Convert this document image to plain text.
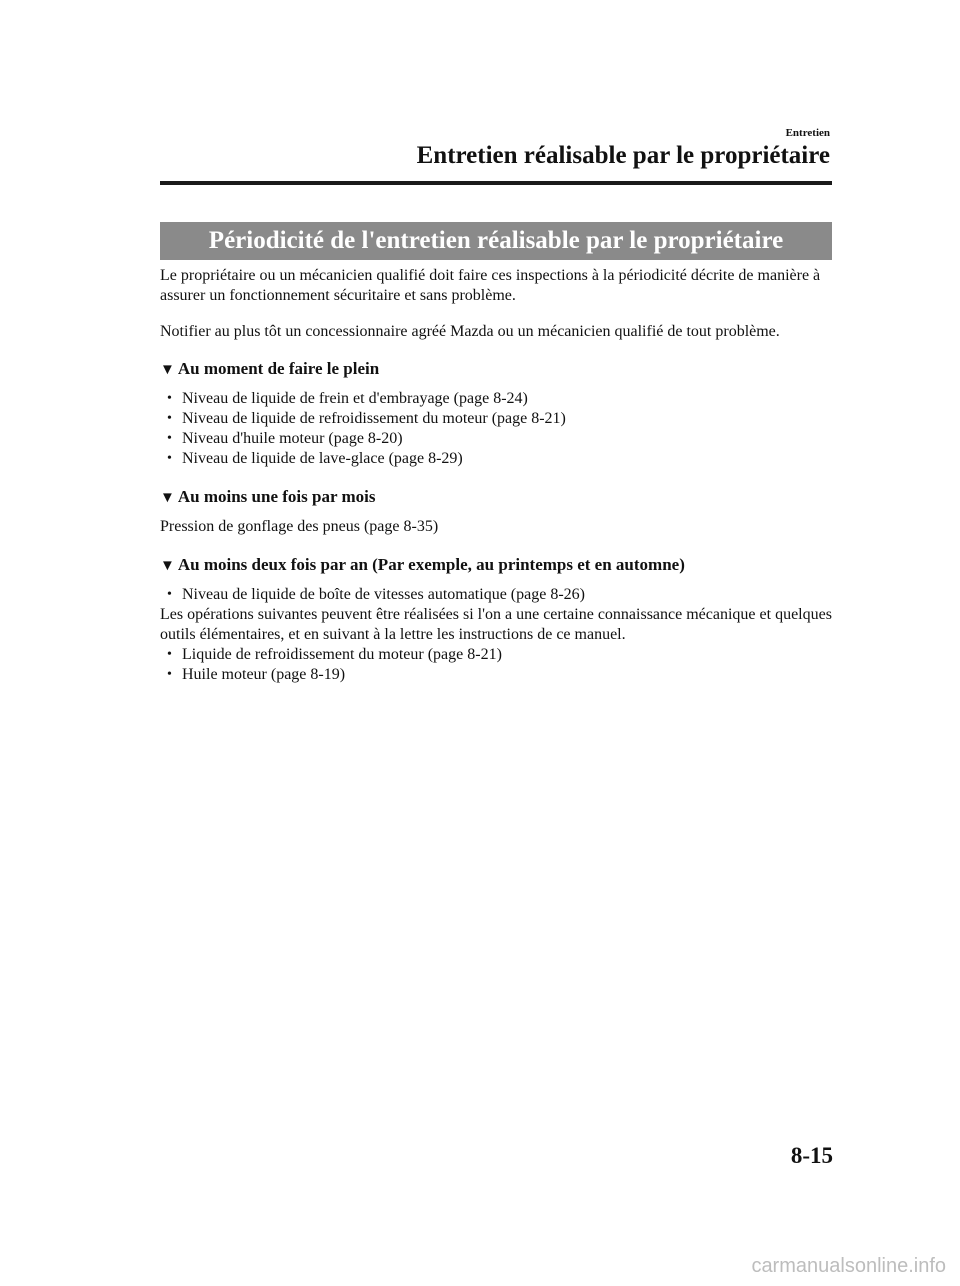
Entretien
Entretien réalisable par le propriétaire
Périodicité de l'entretien réalisable par le propriétaire

Le propriétaire ou un mécanicien qualifié doit faire ces inspections à la périodicité décrite de manière à assurer un fonctionnement sécuritaire et sans problème.

Notifier au plus tôt un concessionnaire agréé Mazda ou un mécanicien qualifié de tout problème.

▼ Au moment de faire le plein
• Niveau de liquide de frein et d'embrayage (page 8-24)
• Niveau de liquide de refroidissement du moteur (page 8-21)
• Niveau d'huile moteur (page 8-20)
• Niveau de liquide de lave-glace (page 8-29)
▼ Au moins une fois par mois

Pression de gonflage des pneus (page 8-35)

▼ Au moins deux fois par an (Par exemple, au printemps et en automne)
• Niveau de liquide de boîte de vitesses automatique (page 8-26)

Les opérations suivantes peuvent être réalisées si l'on a une certaine connaissance mécanique et quelques outils élémentaires, et en suivant à la lettre les instructions de ce manuel.

• Liquide de refroidissement du moteur (page 8-21)
• Huile moteur (page 8-19)
8-15
carmanualsonline.info
